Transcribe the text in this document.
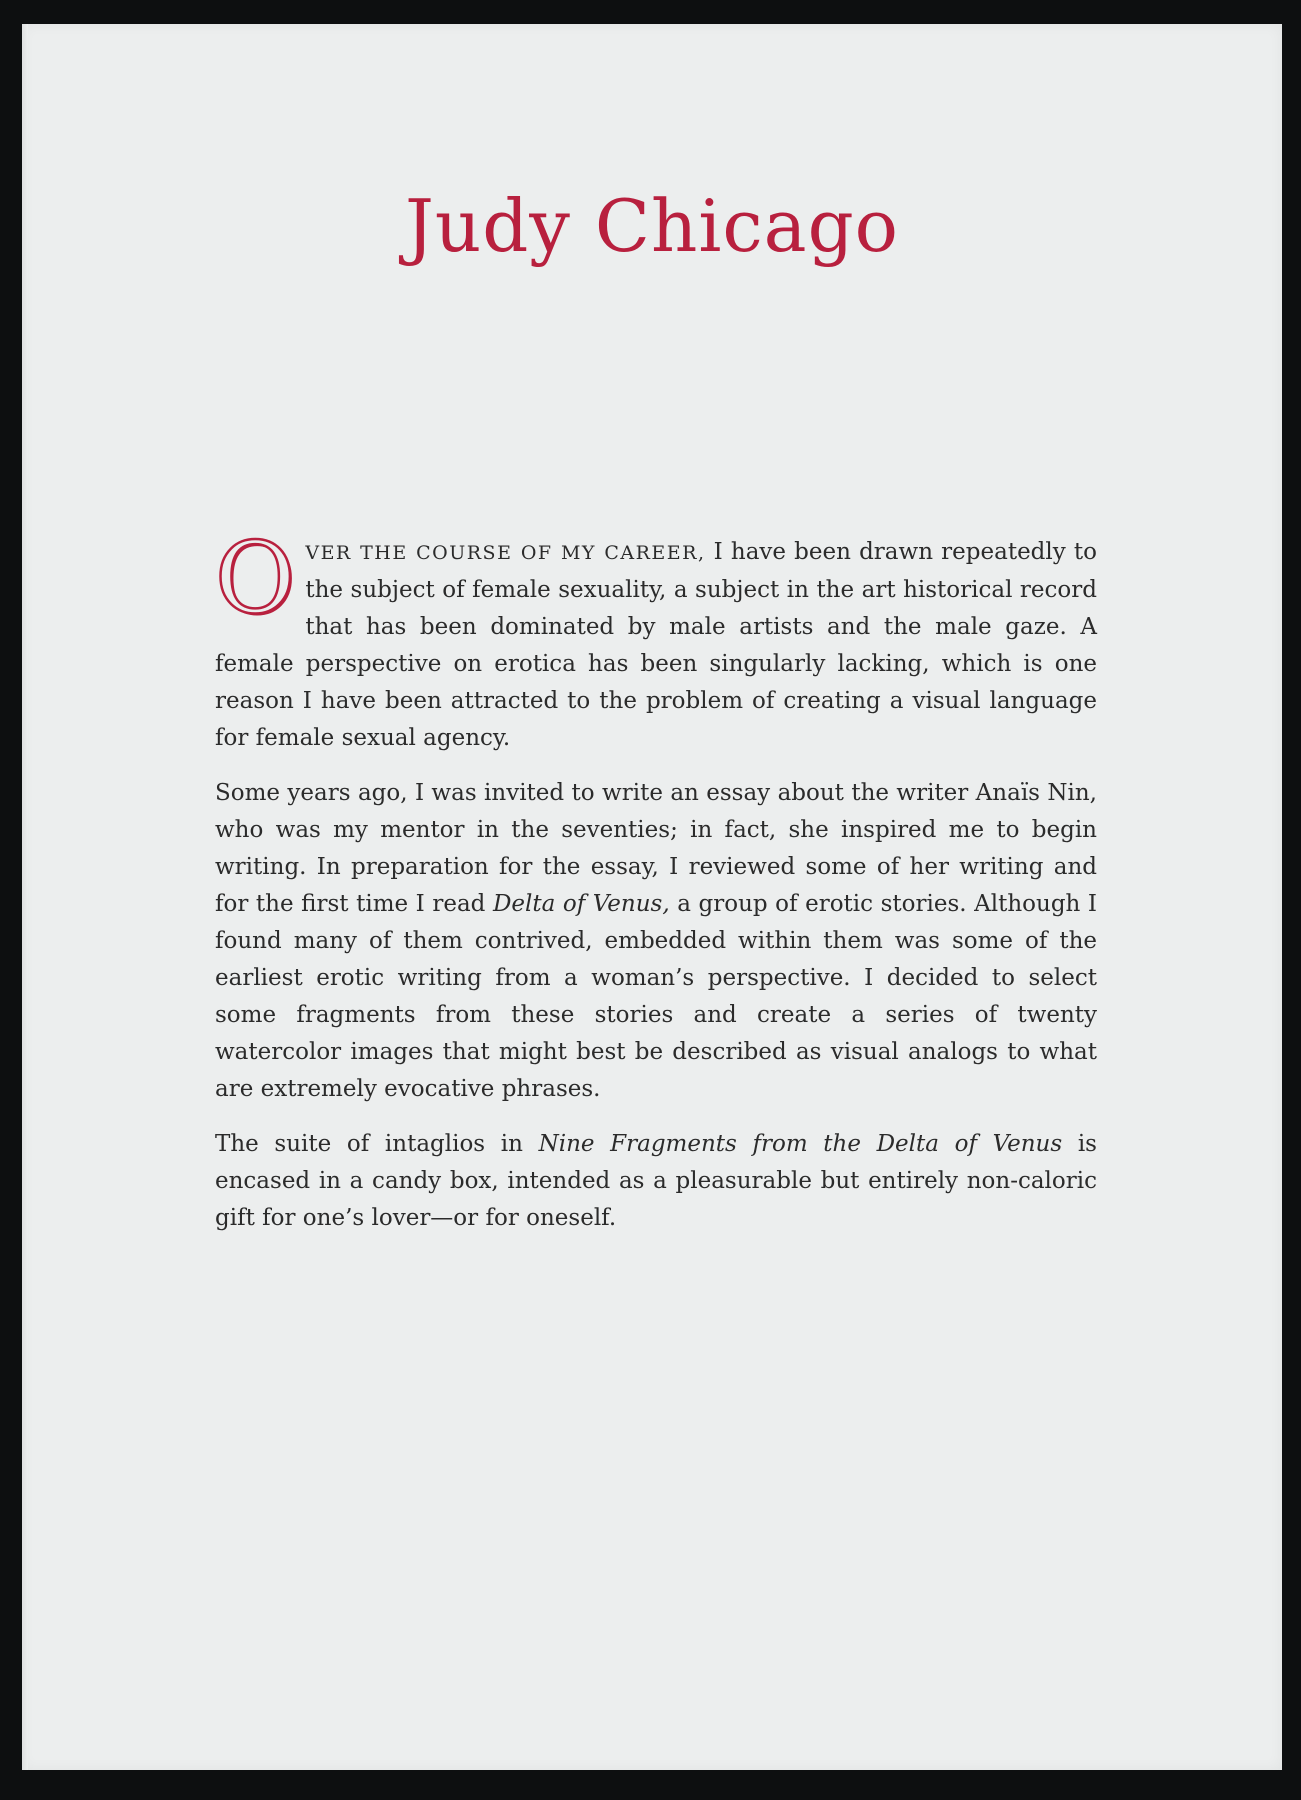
Judy Chicago

OVER THE COURSE OF MY CAREER, I have been drawn repeatedly to the subject of female sexuality, a subject in the art historical record that has been dominated by male artists and the male gaze. A female perspective on erotica has been singularly lacking, which is one reason I have been attracted to the problem of creating a visual language for female sexual agency.

Some years ago, I was invited to write an essay about the writer Anaïs Nin, who was my mentor in the seventies; in fact, she inspired me to begin writing. In preparation for the essay, I reviewed some of her writing and for the first time I read Delta of Venus, a group of erotic stories. Although I found many of them contrived, embedded within them was some of the earliest erotic writing from a woman’s perspective. I decided to select some fragments from these stories and create a series of twenty watercolor images that might best be described as visual analogs to what are extremely evocative phrases.

The suite of intaglios in Nine Fragments from the Delta of Venus is encased in a candy box, intended as a pleasurable but entirely non-caloric gift for one’s lover—or for oneself.
